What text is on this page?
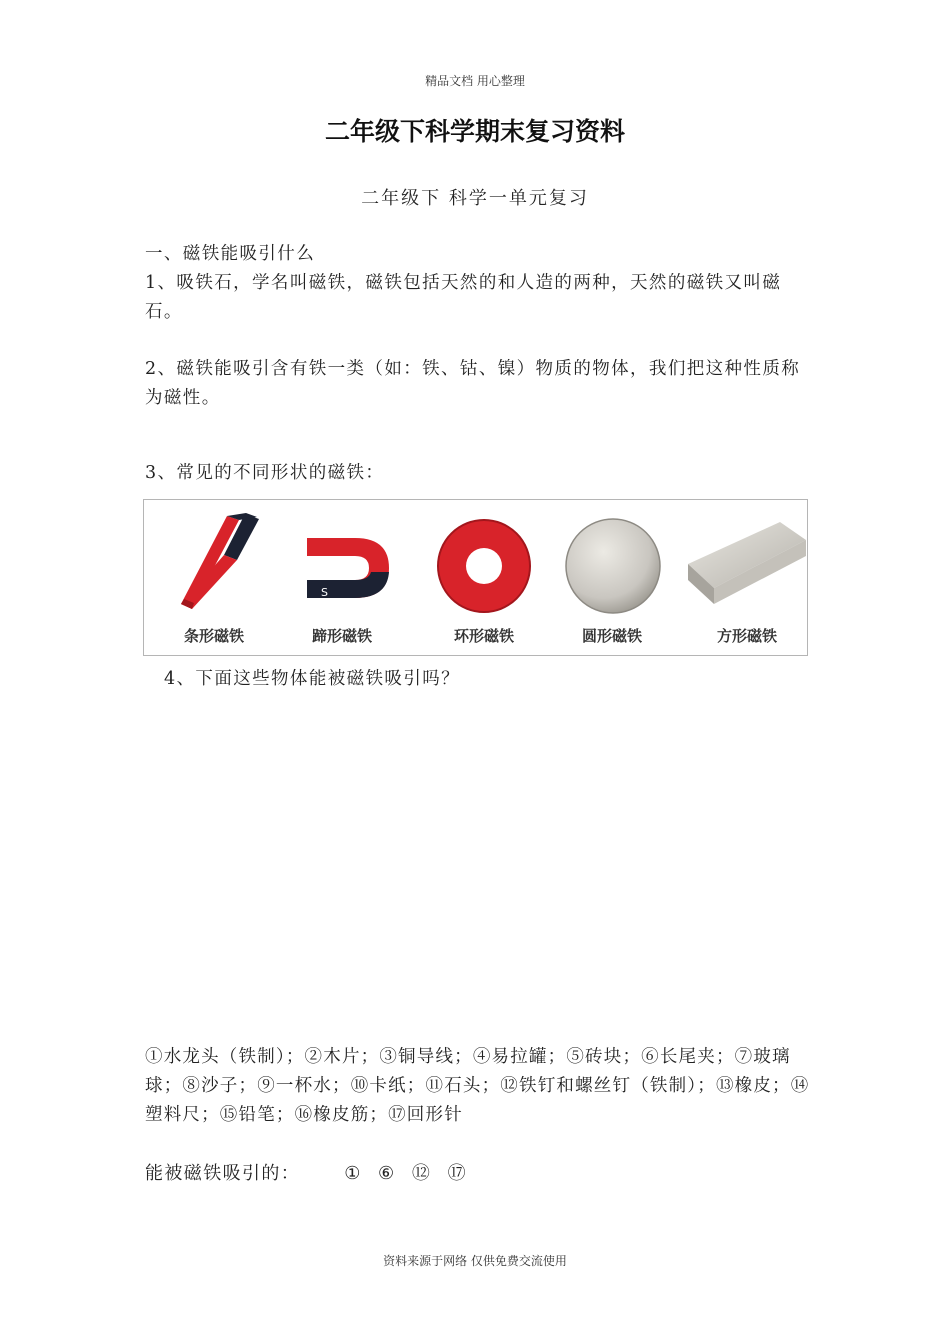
精品文档 用心整理
二年级下科学期末复习资料
二年级下 科学一单元复习
一、磁铁能吸引什么
1、吸铁石，学名叫磁铁，磁铁包括天然的和人造的两种，天然的磁铁又叫磁石。
2、磁铁能吸引含有铁一类（如：铁、钴、镍）物质的物体，我们把这种性质称为磁性。
3、常见的不同形状的磁铁：
条形磁铁
S
蹄形磁铁	环形磁铁	圆形磁铁	方形磁铁
4、下面这些物体能被磁铁吸引吗？
①水龙头（铁制）；②木片；③铜导线；④易拉罐；⑤砖块；⑥长尾夹；⑦玻璃球；⑧沙子；⑨一杯水；⑩卡纸；⑪石头；⑫铁钉和螺丝钉（铁制）；⑬橡皮；⑭塑料尺；⑮铅笔；⑯橡皮筋；⑰回形针
能被磁铁吸引的： ① ⑥ ⑫ ⑰
资料来源于网络 仅供免费交流使用
